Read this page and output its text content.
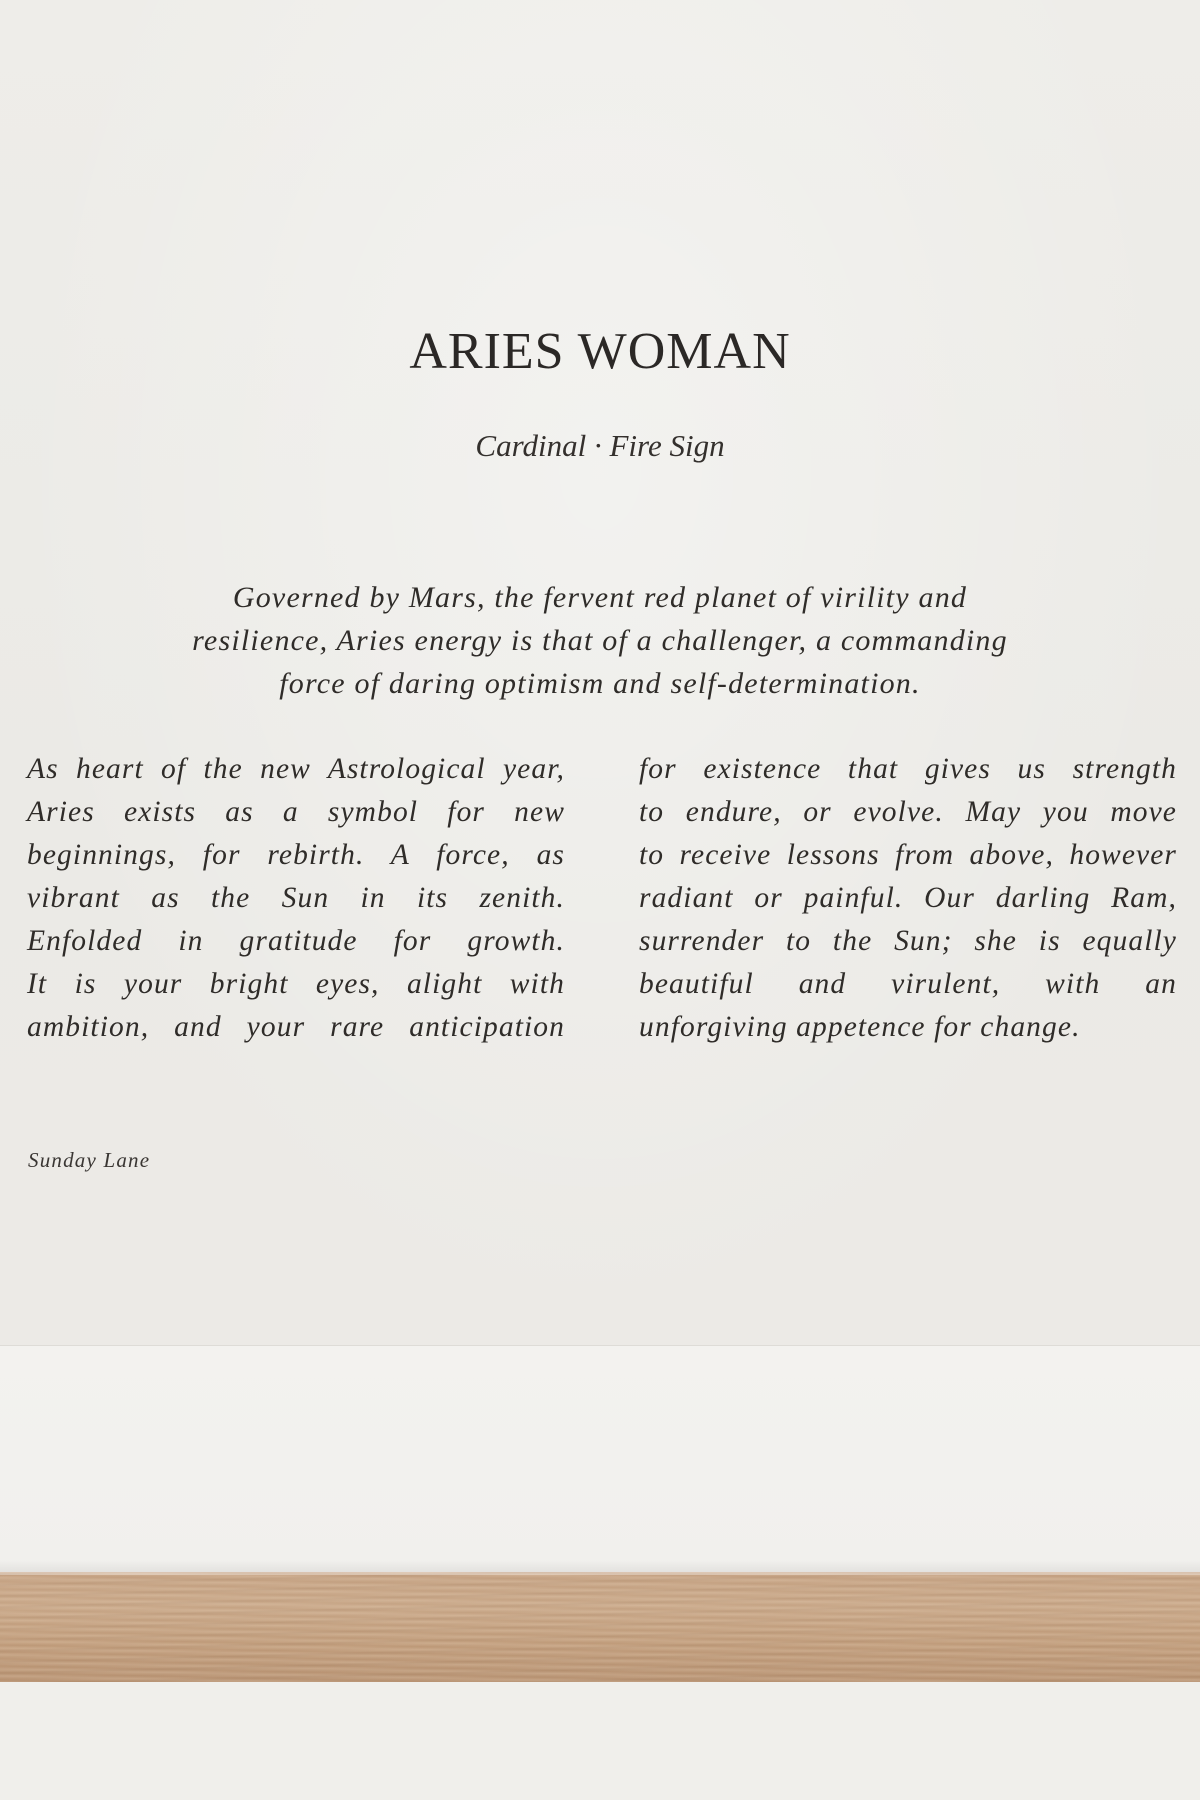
ARIES WOMAN

Cardinal · Fire Sign

Governed by Mars, the fervent red planet of virility and
resilience, Aries energy is that of a challenger, a commanding
force of daring optimism and self-determination.

As heart of the new Astrological year,
Aries exists as a symbol for new
beginnings, for rebirth. A force, as
vibrant as the Sun in its zenith.
Enfolded in gratitude for growth.
It is your bright eyes, alight with
ambition, and your rare anticipation
for existence that gives us strength
to endure, or evolve. May you move
to receive lessons from above, however
radiant or painful. Our darling Ram,
surrender to the Sun; she is equally
beautiful and virulent, with an
unforgiving appetence for change.

Sunday Lane
